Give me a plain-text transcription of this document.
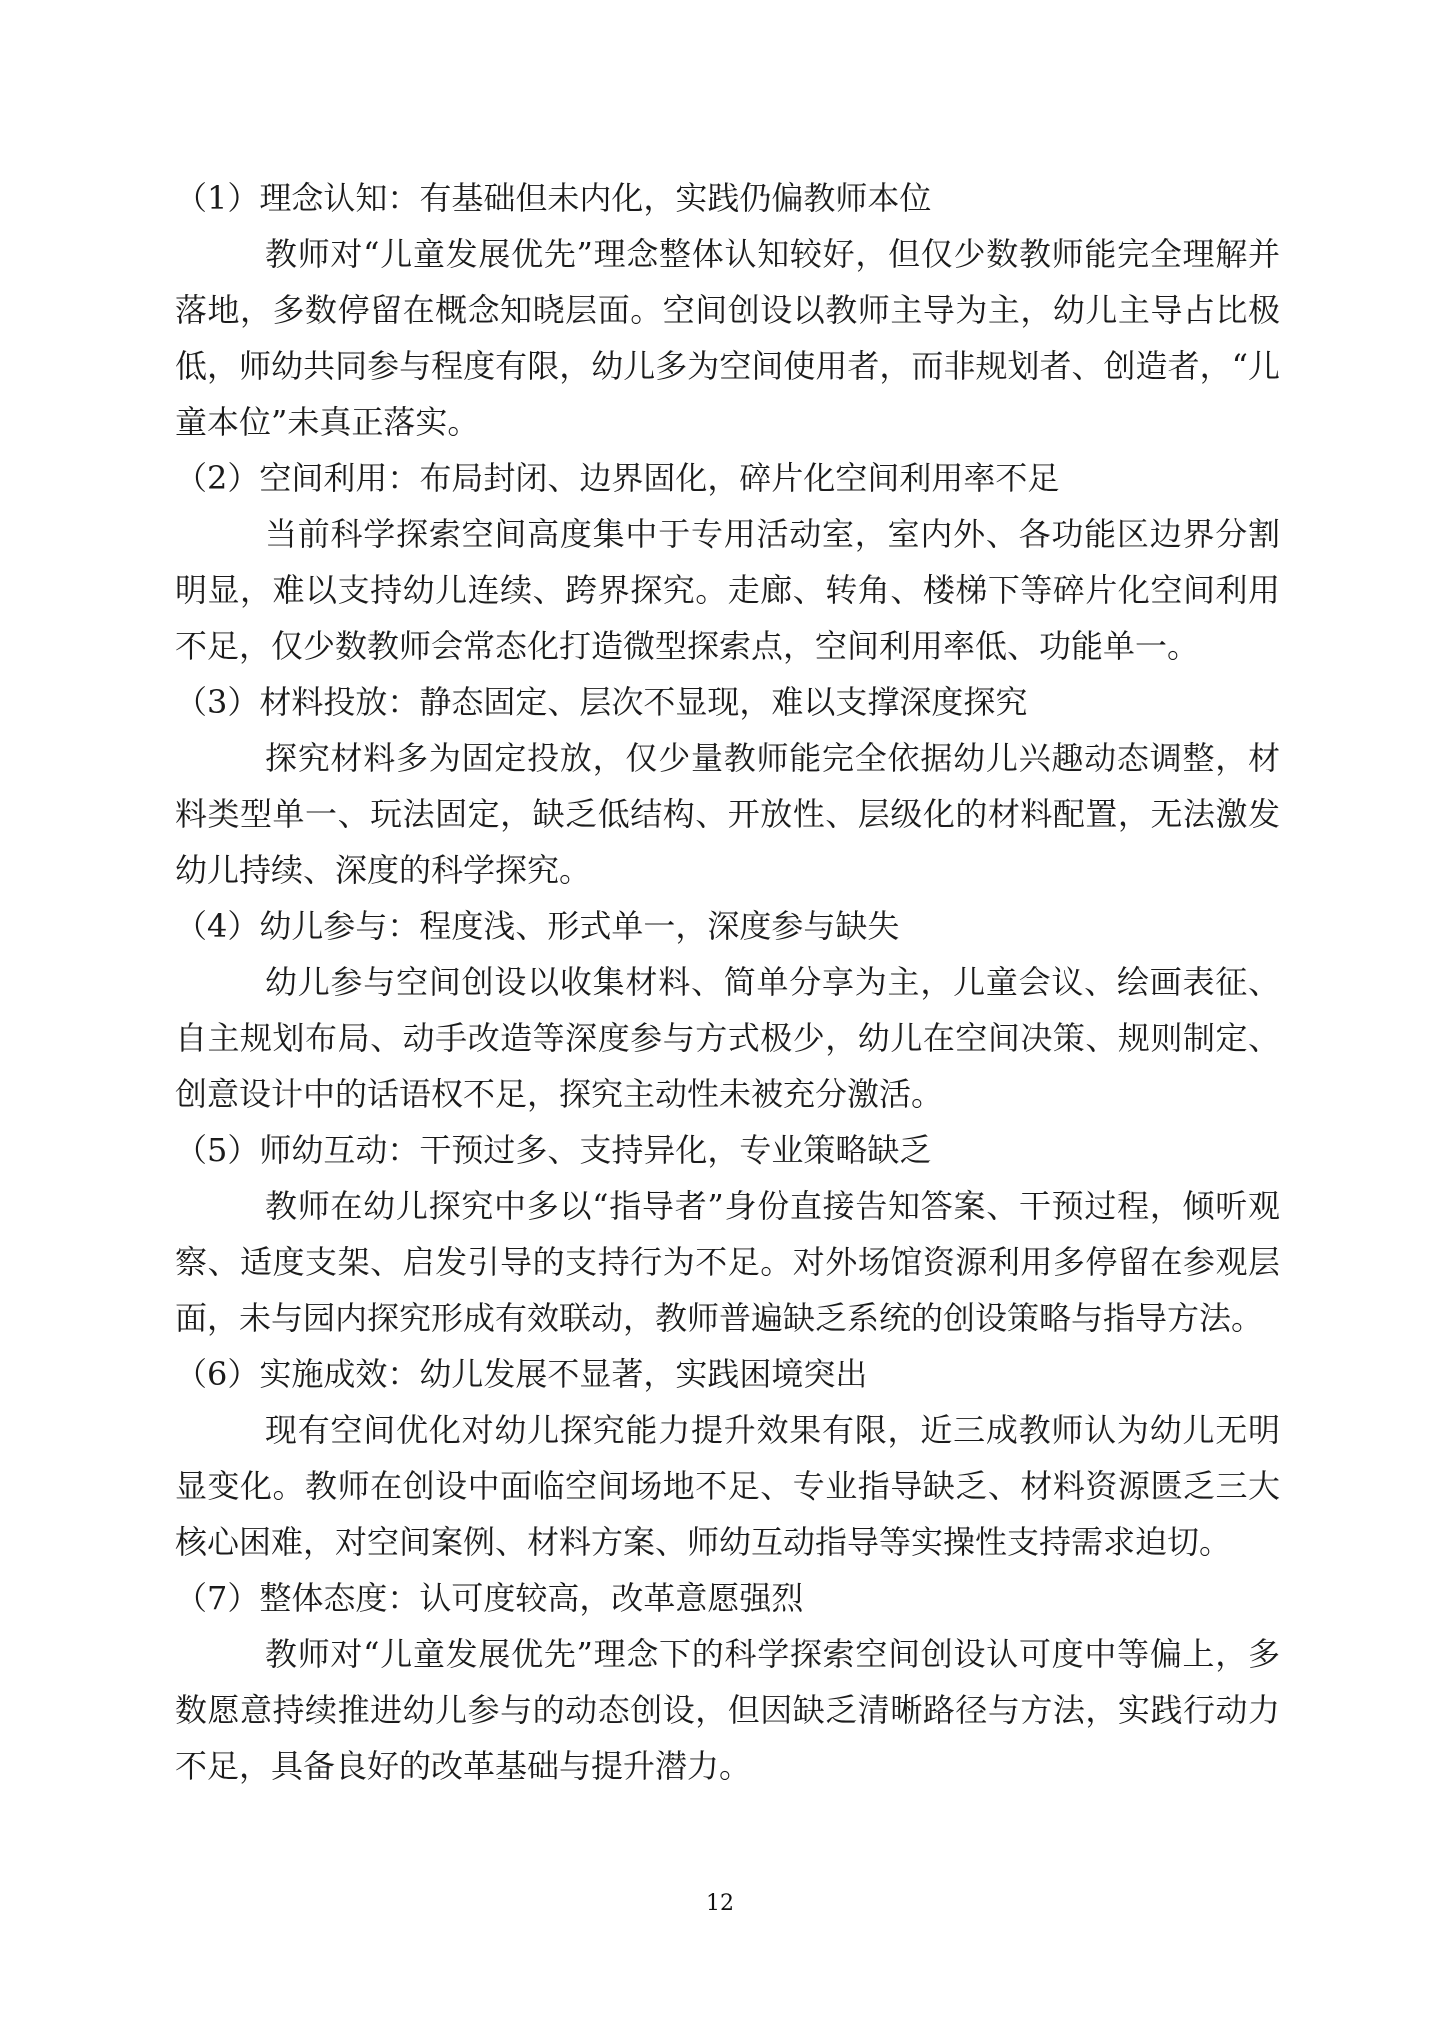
（1）理念认知：有基础但未内化，实践仍偏教师本位

教师对“儿童发展优先”理念整体认知较好，但仅少数教师能完全理解并落地，多数停留在概念知晓层面。空间创设以教师主导为主，幼儿主导占比极低，师幼共同参与程度有限，幼儿多为空间使用者，而非规划者、创造者，“儿童本位”未真正落实。

（2）空间利用：布局封闭、边界固化，碎片化空间利用率不足

当前科学探索空间高度集中于专用活动室，室内外、各功能区边界分割明显，难以支持幼儿连续、跨界探究。走廊、转角、楼梯下等碎片化空间利用不足，仅少数教师会常态化打造微型探索点，空间利用率低、功能单一。

（3）材料投放：静态固定、层次不显现，难以支撑深度探究

探究材料多为固定投放，仅少量教师能完全依据幼儿兴趣动态调整，材料类型单一、玩法固定，缺乏低结构、开放性、层级化的材料配置，无法激发幼儿持续、深度的科学探究。

（4）幼儿参与：程度浅、形式单一，深度参与缺失

幼儿参与空间创设以收集材料、简单分享为主，儿童会议、绘画表征、自主规划布局、动手改造等深度参与方式极少，幼儿在空间决策、规则制定、创意设计中的话语权不足，探究主动性未被充分激活。

（5）师幼互动：干预过多、支持异化，专业策略缺乏

教师在幼儿探究中多以“指导者”身份直接告知答案、干预过程，倾听观察、适度支架、启发引导的支持行为不足。对外场馆资源利用多停留在参观层面，未与园内探究形成有效联动，教师普遍缺乏系统的创设策略与指导方法。

（6）实施成效：幼儿发展不显著，实践困境突出

现有空间优化对幼儿探究能力提升效果有限，近三成教师认为幼儿无明显变化。教师在创设中面临空间场地不足、专业指导缺乏、材料资源匮乏三大核心困难，对空间案例、材料方案、师幼互动指导等实操性支持需求迫切。

（7）整体态度：认可度较高，改革意愿强烈

教师对“儿童发展优先”理念下的科学探索空间创设认可度中等偏上，多数愿意持续推进幼儿参与的动态创设，但因缺乏清晰路径与方法，实践行动力不足，具备良好的改革基础与提升潜力。

12
